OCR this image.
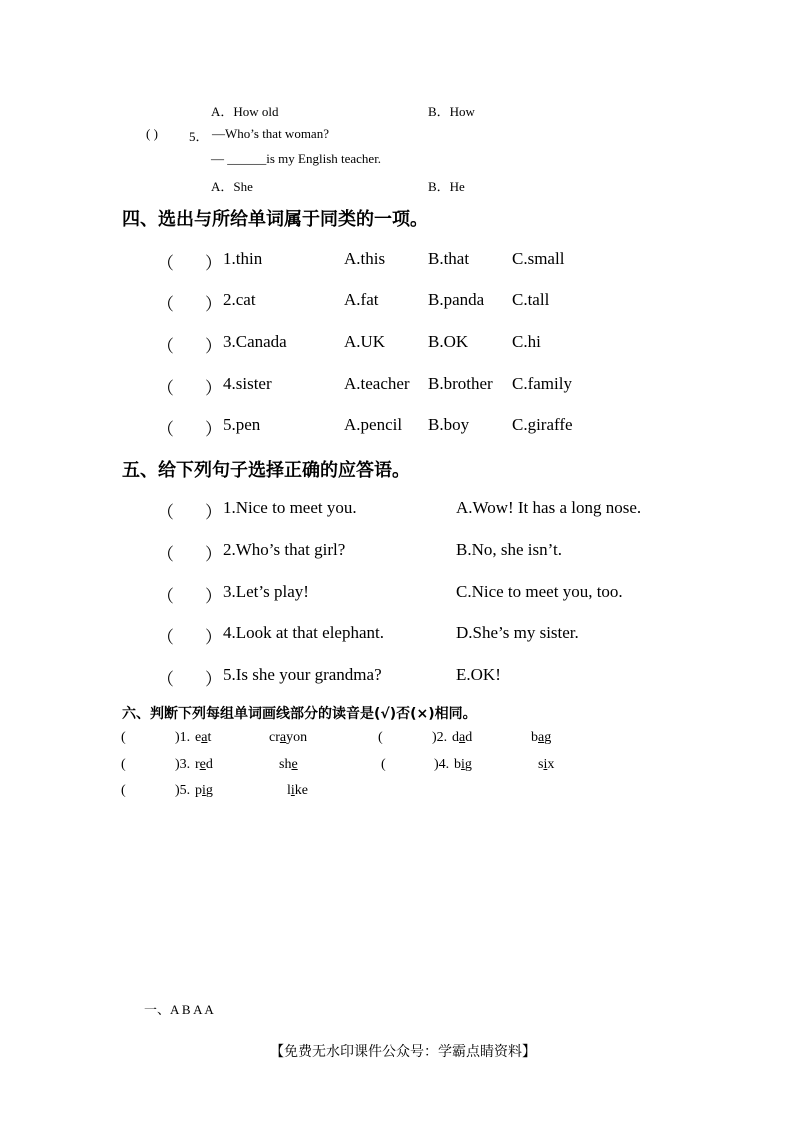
A．How old	B．How
( ) 5． —Who’s that woman?
— ______is my English teacher.
A．She	B．He
四、选出与所给单词属于同类的一项。
（ ） 1.thin	A.this	B.that	C.small
（ ） 2.cat	A.fat	B.panda C.tall
（ ） 3.Canada	A.UK	B.OK	C.hi
（ ） 4.sister	A.teacher B.brother C.family
（ ） 5.pen	A.pencil B.boy	C.giraffe
五、给下列句子选择正确的应答语。
（ ） 1.Nice to meet you.	A.Wow! It has a long nose.
（ ） 2.Who’s that girl?	B.No, she isn’t.
（ ） 3.Let’s play!	C.Nice to meet you, too.
（ ） 4.Look at that elephant.	D.She’s my sister.
（ ） 5.Is she your grandma?	E.OK!
六、判断下列每组单词画线部分的读音是(√)否(×)相同。
(	)1. eat	crayon	(	)2. dad	bag
(	)3. red	she	(	)4. big	six
(	)5. pig	like
一、A B A A
【免费无水印课件公众号：学霸点睛资料】
